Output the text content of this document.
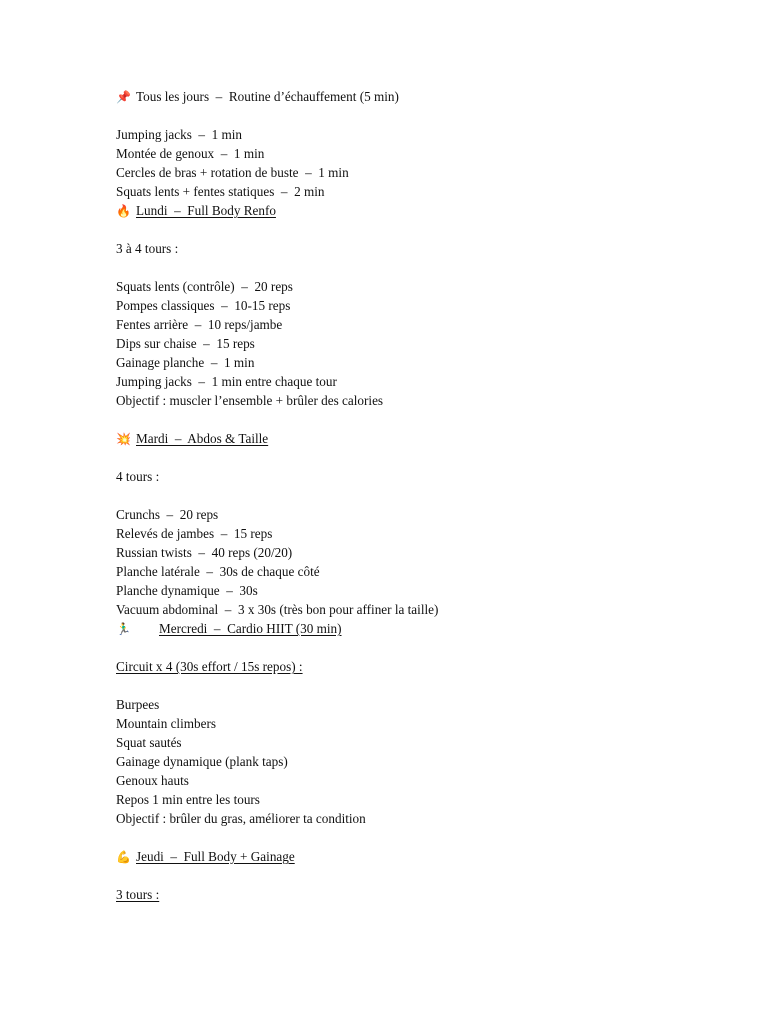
📌 Tous les jours  –  Routine d’échauffement (5 min)
Jumping jacks  –  1 min
Montée de genoux  –  1 min
Cercles de bras + rotation de buste  –  1 min
Squats lents + fentes statiques  –  2 min
🔥 Lundi  –  Full Body Renfo
3 à 4 tours :
Squats lents (contrôle)  –  20 reps
Pompes classiques  –  10-15 reps
Fentes arrière  –  10 reps/jambe
Dips sur chaise  –  15 reps
Gainage planche  –  1 min
Jumping jacks  –  1 min entre chaque tour
Objectif : muscler l’ensemble + brûler des calories
💥 Mardi  –  Abdos & Taille
4 tours :
Crunchs  –  20 reps
Relevés de jambes  –  15 reps
Russian twists  –  40 reps (20/20)
Planche latérale  –  30s de chaque côté
Planche dynamique  –  30s
Vacuum abdominal  –  3 x 30s (très bon pour affiner la taille)
🏃‍♂️ Mercredi  –  Cardio HIIT (30 min)
Circuit x 4 (30s effort / 15s repos) :
Burpees
Mountain climbers
Squat sautés
Gainage dynamique (plank taps)
Genoux hauts
Repos 1 min entre les tours
Objectif : brûler du gras, améliorer ta condition
💪 Jeudi  –  Full Body + Gainage
3 tours :
